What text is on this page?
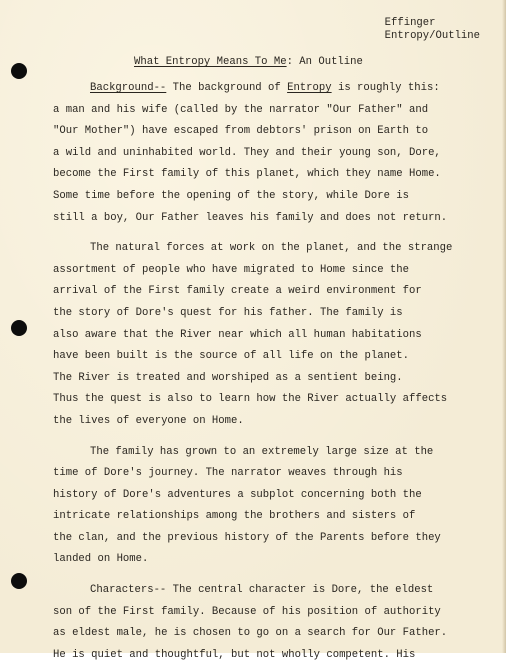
Effinger
Entropy/Outline
What Entropy Means To Me: An Outline
Background-- The background of Entropy is roughly this:
a man and his wife (called by the narrator "Our Father" and
"Our Mother") have escaped from debtors' prison on Earth to
a wild and uninhabited world. They and their young son, Dore,
become the First family of this planet, which they name Home.
Some time before the opening of the story, while Dore is
still a boy, Our Father leaves his family and does not return.
The natural forces at work on the planet, and the strange
assortment of people who have migrated to Home since the
arrival of the First family create a weird environment for
the story of Dore's quest for his father. The family is
also aware that the River near which all human habitations
have been built is the source of all life on the planet.
The River is treated and worshiped as a sentient being.
Thus the quest is also to learn how the River actually affects
the lives of everyone on Home.
The family has grown to an extremely large size at the
time of Dore's journey. The narrator weaves through his
history of Dore's adventures a subplot concerning both the
intricate relationships among the brothers and sisters of
the clan, and the previous history of the Parents before they
landed on Home.
Characters-- The central character is Dore, the eldest
son of the First family. Because of his position of authority
as eldest male, he is chosen to go on a search for Our Father.
He is quiet and thoughtful, but not wholly competent. His
